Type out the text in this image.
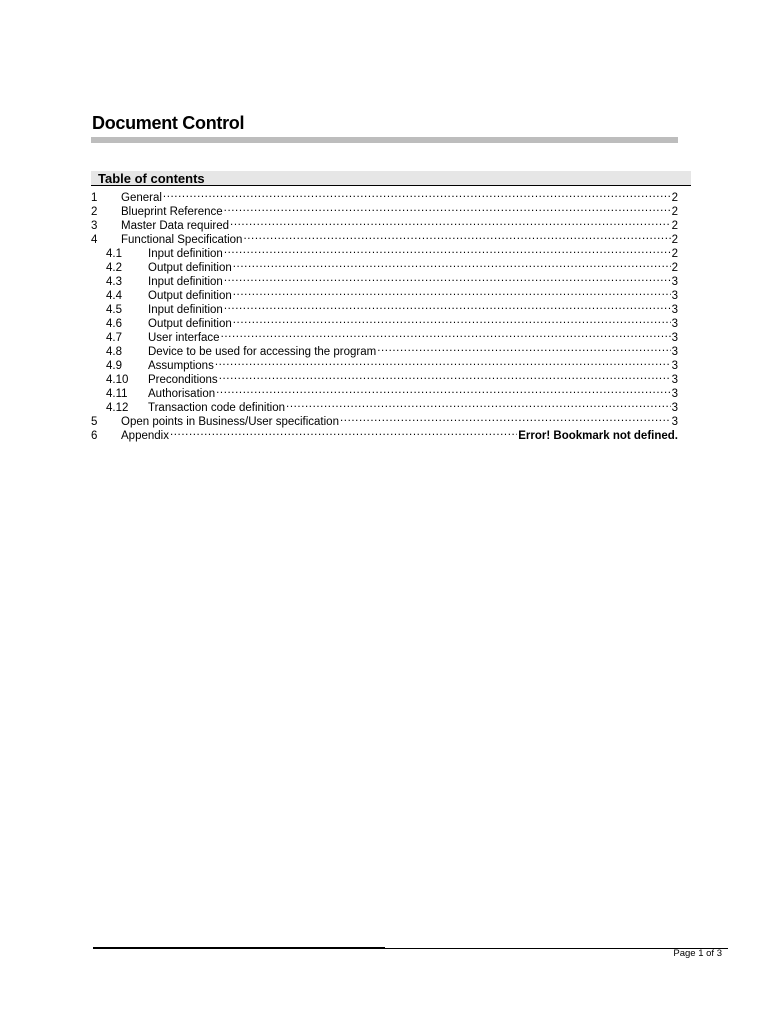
Document Control
Table of contents
1	General .....	2
2	Blueprint Reference .....	2
3	Master Data required .....	2
4	Functional Specification .....	2
4.1	Input definition .....	2
4.2	Output definition .....	2
4.3	Input definition .....	3
4.4	Output definition .....	3
4.5	Input definition .....	3
4.6	Output definition .....	3
4.7	User interface .....	3
4.8	Device to be used for accessing the program .....	3
4.9	Assumptions .....	3
4.10	Preconditions .....	3
4.11	Authorisation .....	3
4.12	Transaction code definition .....	3
5	Open points in Business/User specification .....	3
6	Appendix .....	Error! Bookmark not defined.
Page 1 of 3
